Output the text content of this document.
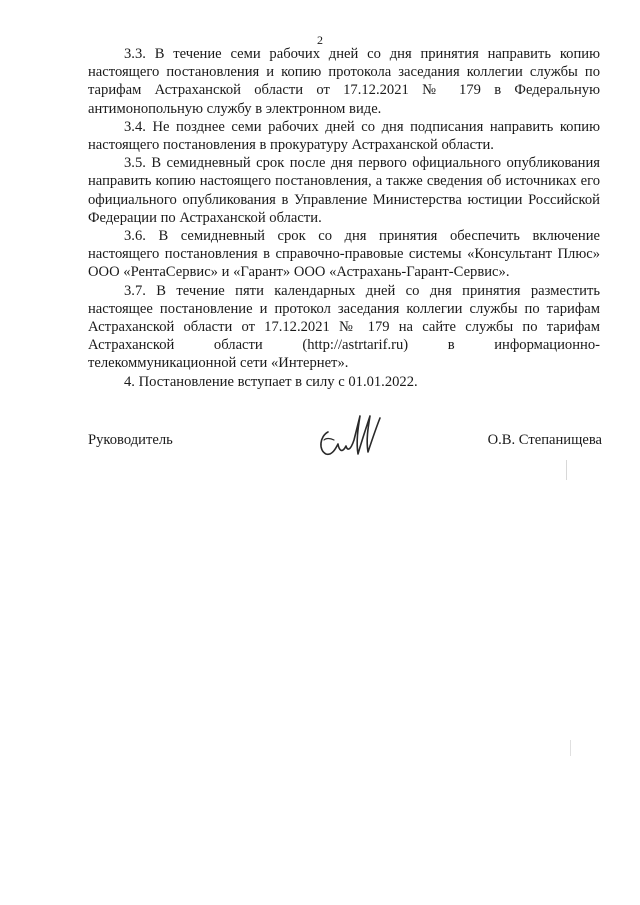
2

3.3. В течение семи рабочих дней со дня принятия направить копию настоящего постановления и копию протокола заседания коллегии службы по тарифам Астраханской области от 17.12.2021 № 179 в Федеральную антимонопольную службу в электронном виде.

3.4. Не позднее семи рабочих дней со дня подписания направить копию настоящего постановления в прокуратуру Астраханской области.

3.5. В семидневный срок после дня первого официального опубликования направить копию настоящего постановления, а также сведения об источниках его официального опубликования в Управление Министерства юстиции Российской Федерации по Астраханской области.

3.6. В семидневный срок со дня принятия обеспечить включение настоящего постановления в справочно-правовые системы «Консультант Плюс» ООО «РентаСервис» и «Гарант» ООО «Астрахань-Гарант-Сервис».

3.7. В течение пяти календарных дней со дня принятия разместить настоящее постановление и протокол заседания коллегии службы по тарифам Астраханской области от 17.12.2021 № 179 на сайте службы по тарифам Астраханской области (http://astrtarif.ru) в информационно-телекоммуникационной сети «Интернет».

4. Постановление вступает в силу с 01.01.2022.

Руководитель	О.В. Степанищева
